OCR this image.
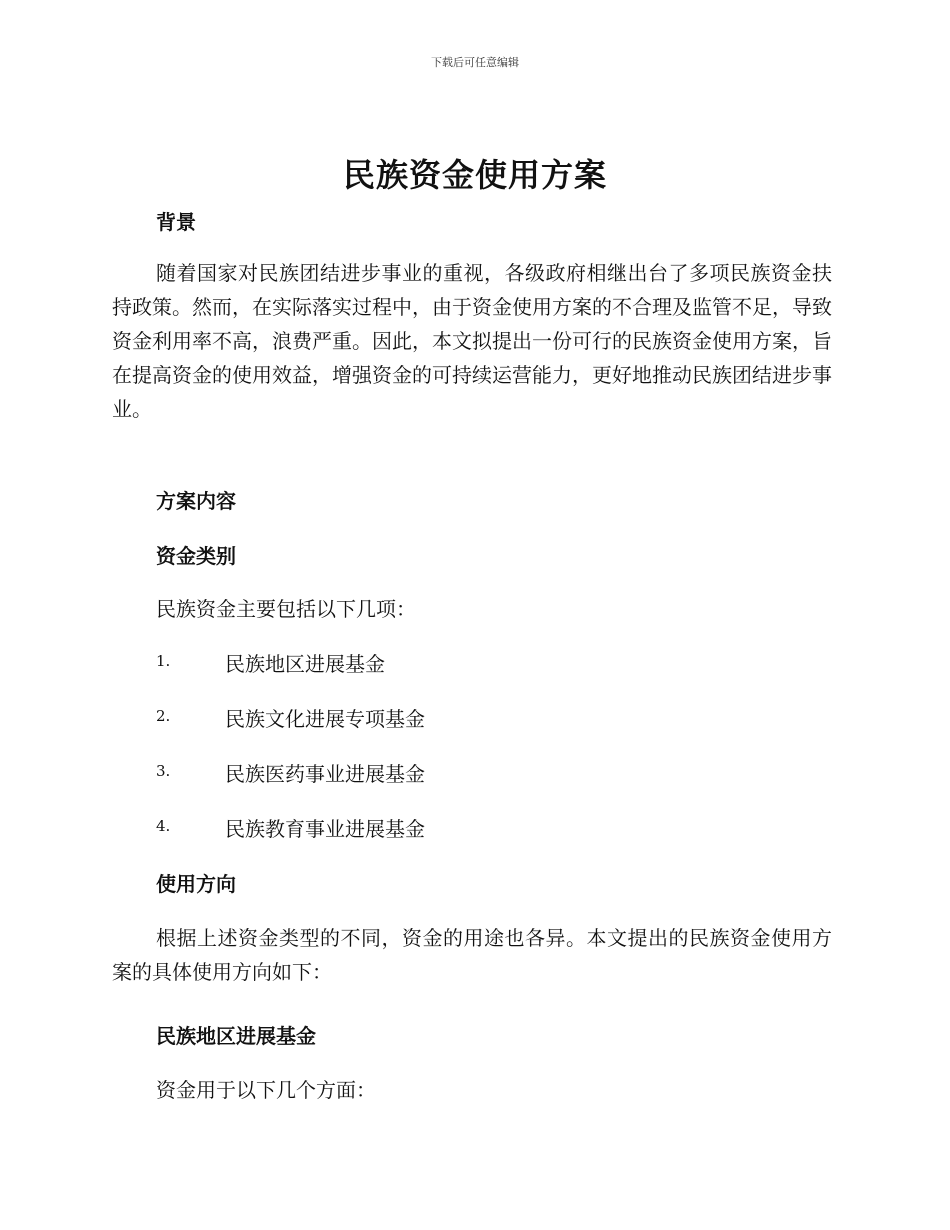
下载后可任意编辑
民族资金使用方案
背景

随着国家对民族团结进步事业的重视，各级政府相继出台了多项民族资金扶持政策。然而，在实际落实过程中，由于资金使用方案的不合理及监管不足，导致资金利用率不高，浪费严重。因此，本文拟提出一份可行的民族资金使用方案，旨在提高资金的使用效益，增强资金的可持续运营能力，更好地推动民族团结进步事业。

方案内容
资金类别

民族资金主要包括以下几项：

1.	民族地区进展基金
2.	民族文化进展专项基金
3.	民族医药事业进展基金
4.	民族教育事业进展基金
使用方向

根据上述资金类型的不同，资金的用途也各异。本文提出的民族资金使用方案的具体使用方向如下：

民族地区进展基金

资金用于以下几个方面：
